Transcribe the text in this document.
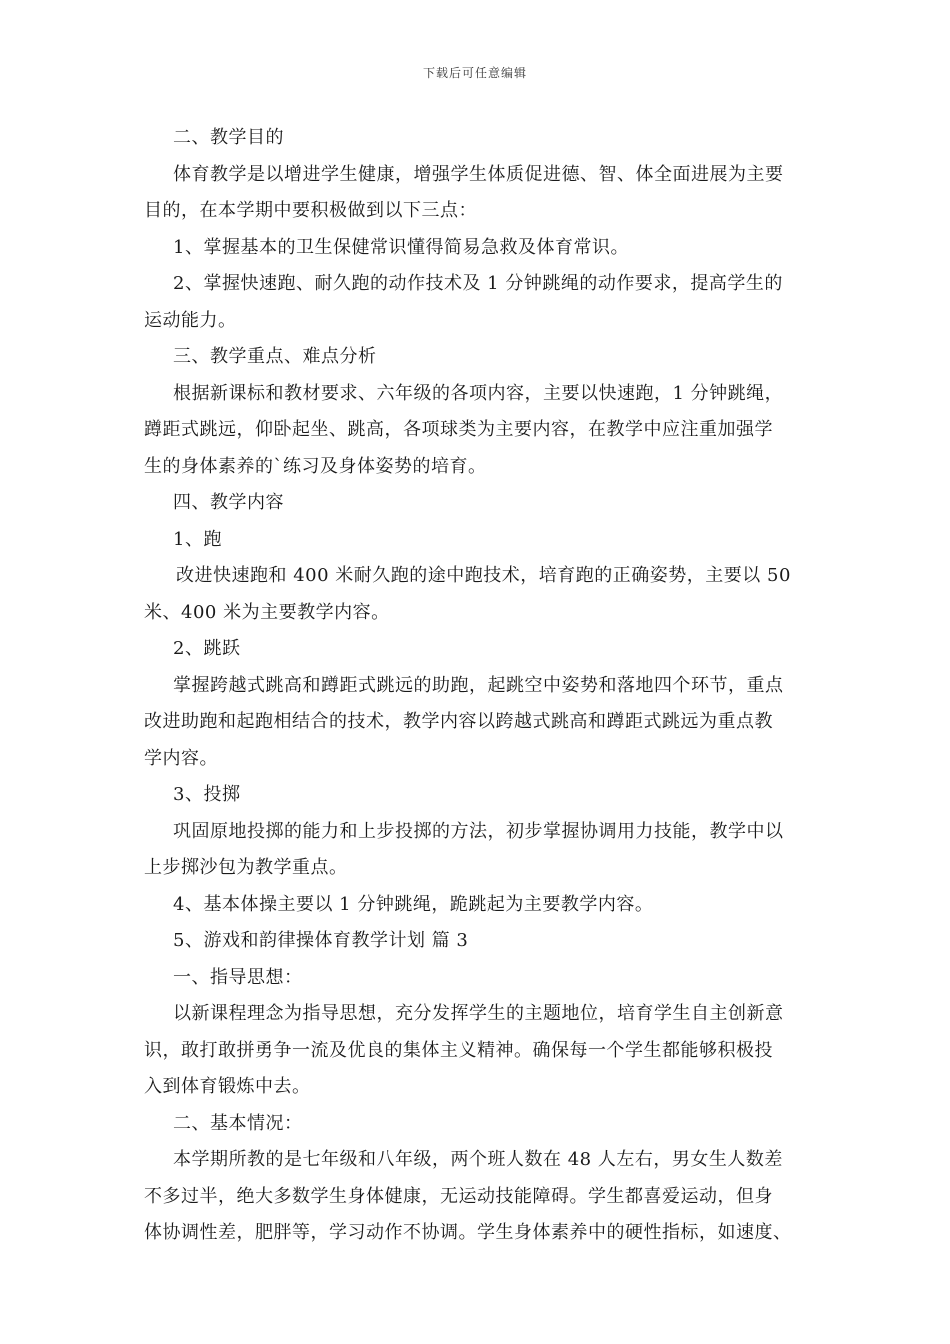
下载后可任意编辑
二、教学目的
体育教学是以增进学生健康，增强学生体质促进德、智、体全面进展为主要
目的，在本学期中要积极做到以下三点：
1、掌握基本的卫生保健常识懂得简易急救及体育常识。
2、掌握快速跑、耐久跑的动作技术及 1 分钟跳绳的动作要求，提高学生的
运动能力。
三、教学重点、难点分析
根据新课标和教材要求、六年级的各项内容，主要以快速跑，1 分钟跳绳，
蹲距式跳远，仰卧起坐、跳高，各项球类为主要内容，在教学中应注重加强学
生的身体素养的`练习及身体姿势的培育。
四、教学内容
1、跑
改进快速跑和 400 米耐久跑的途中跑技术，培育跑的正确姿势，主要以 50
米、400 米为主要教学内容。
2、跳跃
掌握跨越式跳高和蹲距式跳远的助跑，起跳空中姿势和落地四个环节，重点
改进助跑和起跑相结合的技术，教学内容以跨越式跳高和蹲距式跳远为重点教
学内容。
3、投掷
巩固原地投掷的能力和上步投掷的方法，初步掌握协调用力技能，教学中以
上步掷沙包为教学重点。
4、基本体操主要以 1 分钟跳绳，跪跳起为主要教学内容。
5、游戏和韵律操体育教学计划 篇 3
一、指导思想：
以新课程理念为指导思想，充分发挥学生的主题地位，培育学生自主创新意
识，敢打敢拼勇争一流及优良的集体主义精神。确保每一个学生都能够积极投
入到体育锻炼中去。
二、基本情况：
本学期所教的是七年级和八年级，两个班人数在 48 人左右，男女生人数差
不多过半，绝大多数学生身体健康，无运动技能障碍。学生都喜爱运动，但身
体协调性差，肥胖等，学习动作不协调。学生身体素养中的硬性指标，如速度、
